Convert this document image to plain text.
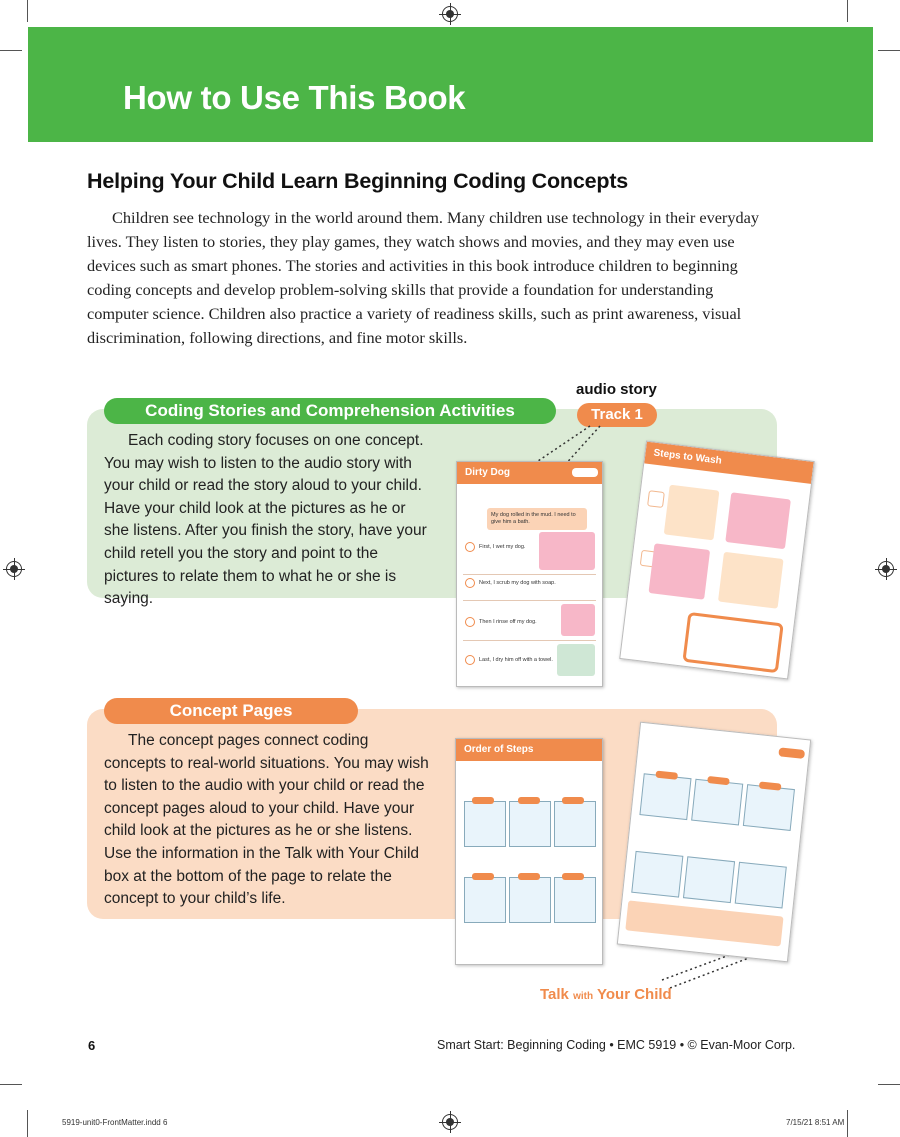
How to Use This Book
Helping Your Child Learn Beginning Coding Concepts

Children see technology in the world around them. Many children use technology in their everyday lives. They listen to stories, they play games, they watch shows and movies, and they may even use devices such as smart phones. The stories and activities in this book introduce children to beginning coding concepts and develop problem-solving skills that provide a foundation for understanding computer science. Children also practice a variety of readiness skills, such as print awareness, visual discrimination, following directions, and fine motor skills.

Coding Stories and Comprehension Activities

Each coding story focuses on one concept. You may wish to listen to the audio story with your child or read the story aloud to your child. Have your child look at the pictures as he or she listens. After you finish the story, have your child retell you the story and point to the pictures to relate them to what he or she is saying.

audio story
Track 1
Steps to Wash
Dirty Dog
My dog rolled in the mud. I need to give him a bath.
First, I wet my dog.
Next, I scrub my dog with soap.
Then I rinse off my dog.
Last, I dry him off with a towel.
Concept Pages

The concept pages connect coding concepts to real-world situations. You may wish to listen to the audio with your child or read the concept pages aloud to your child. Have your child look at the pictures as he or she listens. Use the information in the Talk with Your Child box at the bottom of the page to relate the concept to your child’s life.

Order of Steps
Talk with Your Child
6	Smart Start: Beginning Coding • EMC 5919 • © Evan-Moor Corp.
5919-unit0-FrontMatter.indd 6	7/15/21 8:51 AM
